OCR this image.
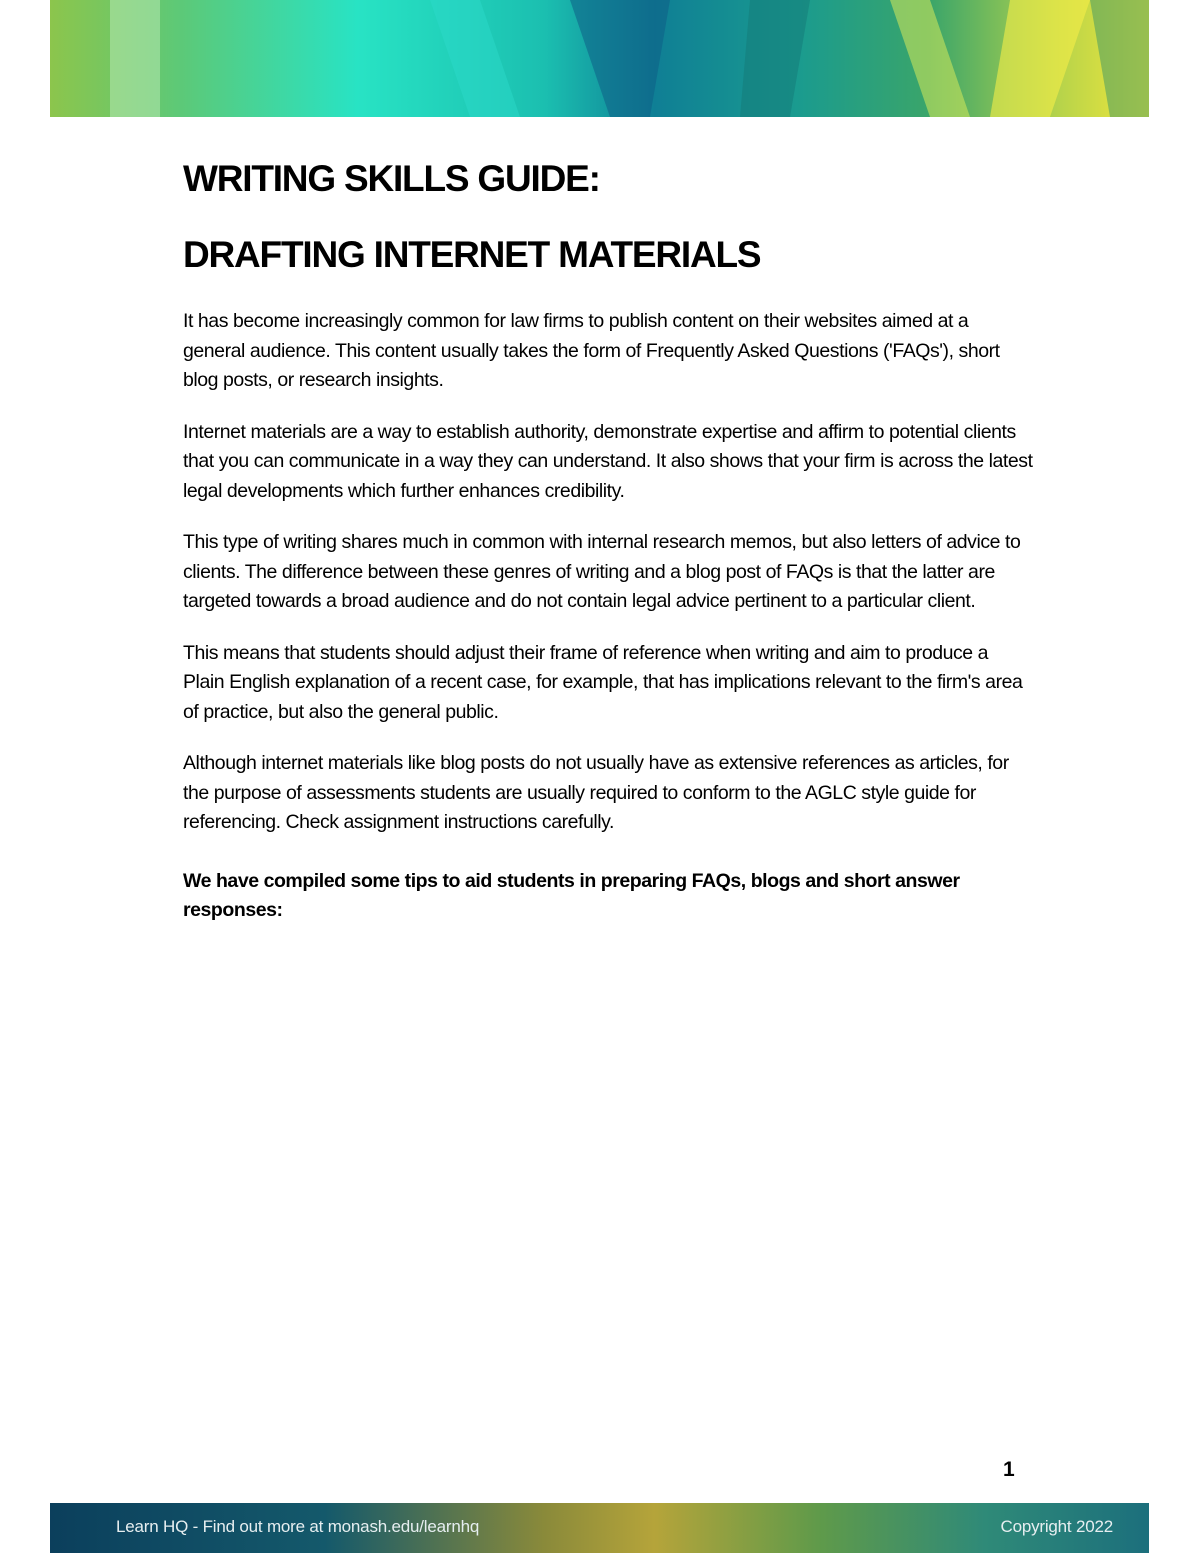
WRITING SKILLS GUIDE:
DRAFTING INTERNET MATERIALS

It has become increasingly common for law firms to publish content on their websites aimed at a general audience. This content usually takes the form of Frequently Asked Questions ('FAQs'), short blog posts, or research insights.

Internet materials are a way to establish authority, demonstrate expertise and affirm to potential clients that you can communicate in a way they can understand. It also shows that your firm is across the latest legal developments which further enhances credibility.

This type of writing shares much in common with internal research memos, but also letters of advice to clients. The difference between these genres of writing and a blog post of FAQs is that the latter are targeted towards a broad audience and do not contain legal advice pertinent to a particular client.

This means that students should adjust their frame of reference when writing and aim to produce a Plain English explanation of a recent case, for example, that has implications relevant to the firm's area of practice, but also the general public.

Although internet materials like blog posts do not usually have as extensive references as articles, for the purpose of assessments students are usually required to conform to the AGLC style guide for referencing. Check assignment instructions carefully.

We have compiled some tips to aid students in preparing FAQs, blogs and short answer responses:

1
Learn HQ - Find out more at monash.edu/learnhq	Copyright 2022
